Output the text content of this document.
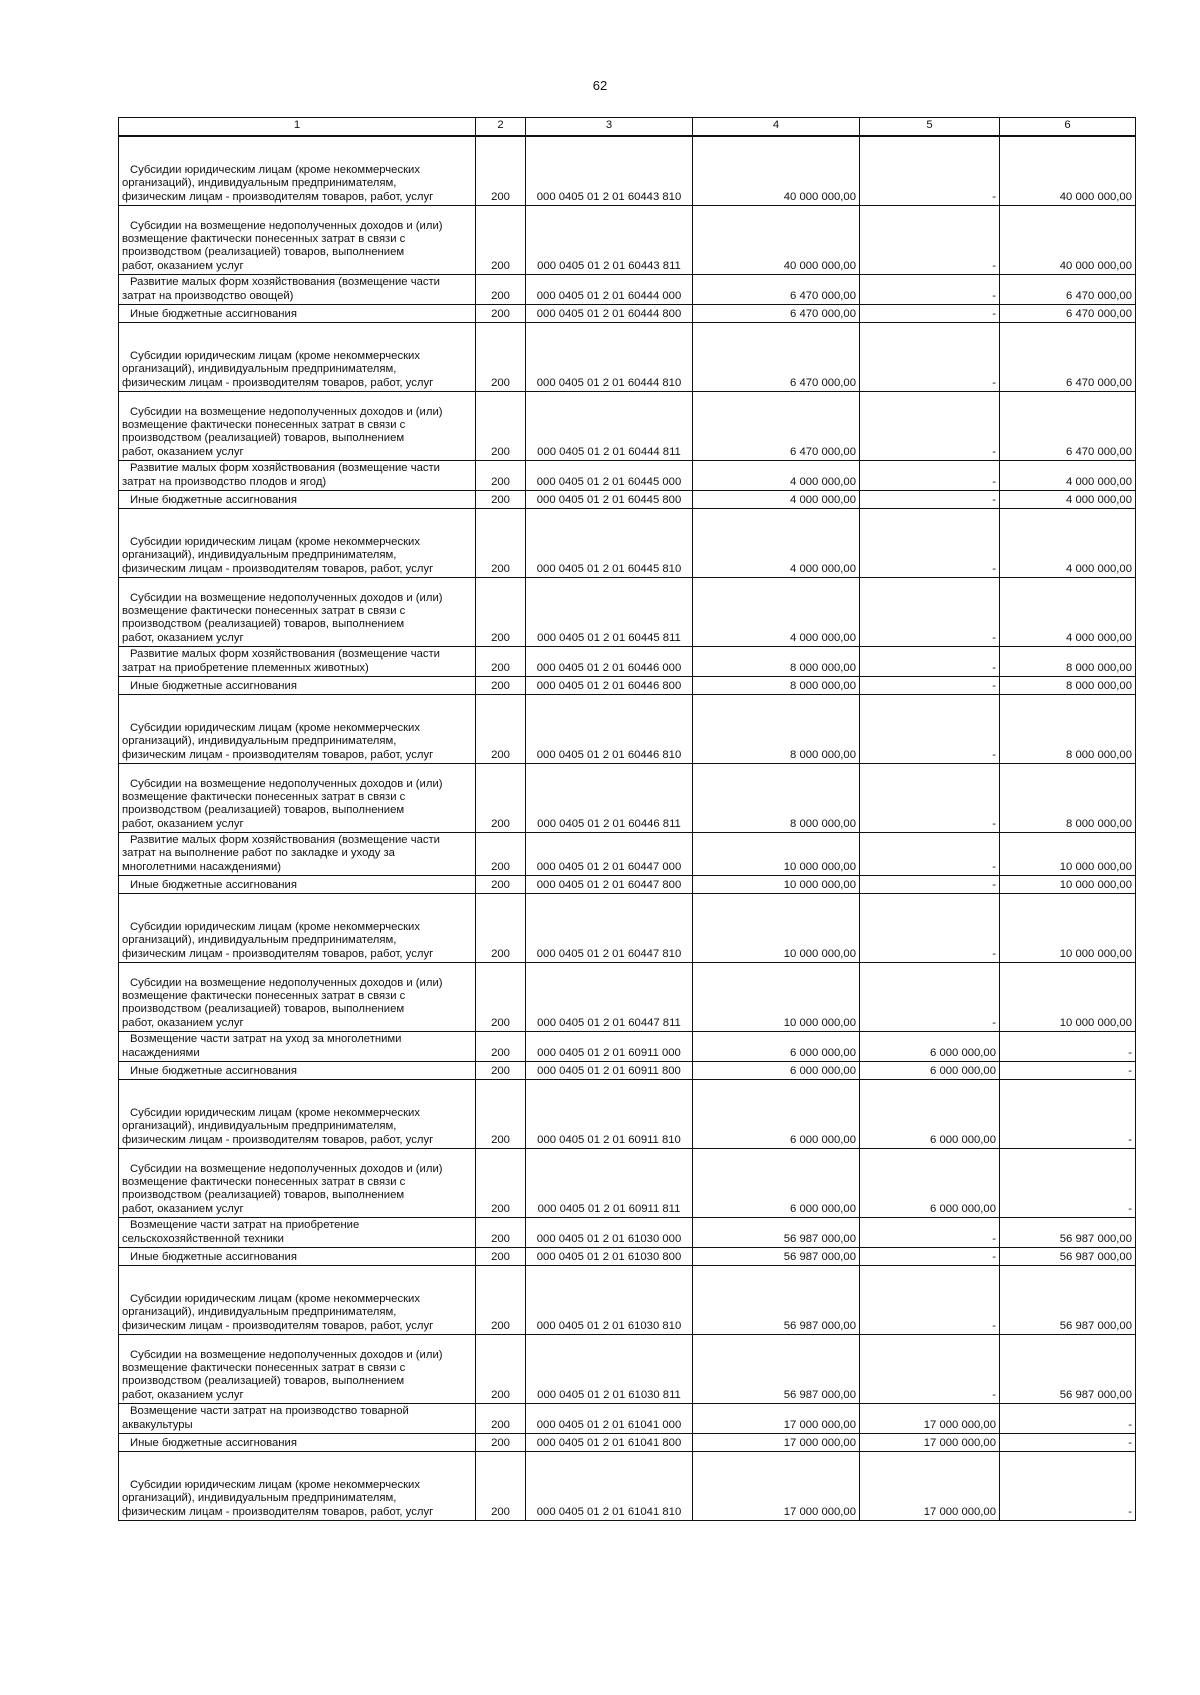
62
1	2	3	4	5	6

Субсидии юридическим лицам (кроме некоммерческих
организаций), индивидуальным предпринимателям,
физическим лицам - производителям товаров, работ, услуг	200	000 0405 01 2 01 60443 810	40 000 000,00	-	40 000 000,00

Субсидии на возмещение недополученных доходов и (или)
возмещение фактически понесенных затрат в связи с
производством (реализацией) товаров, выполнением
работ, оказанием услуг	200	000 0405 01 2 01 60443 811	40 000 000,00	-	40 000 000,00

Развитие малых форм хозяйствования (возмещение части
затрат на производство овощей)	200	000 0405 01 2 01 60444 000	6 470 000,00	-	6 470 000,00

Иные бюджетные ассигнования	200	000 0405 01 2 01 60444 800	6 470 000,00	-	6 470 000,00

Субсидии юридическим лицам (кроме некоммерческих
организаций), индивидуальным предпринимателям,
физическим лицам - производителям товаров, работ, услуг	200	000 0405 01 2 01 60444 810	6 470 000,00	-	6 470 000,00

Субсидии на возмещение недополученных доходов и (или)
возмещение фактически понесенных затрат в связи с
производством (реализацией) товаров, выполнением
работ, оказанием услуг	200	000 0405 01 2 01 60444 811	6 470 000,00	-	6 470 000,00

Развитие малых форм хозяйствования (возмещение части
затрат на производство плодов и ягод)	200	000 0405 01 2 01 60445 000	4 000 000,00	-	4 000 000,00

Иные бюджетные ассигнования	200	000 0405 01 2 01 60445 800	4 000 000,00	-	4 000 000,00

Субсидии юридическим лицам (кроме некоммерческих
организаций), индивидуальным предпринимателям,
физическим лицам - производителям товаров, работ, услуг	200	000 0405 01 2 01 60445 810	4 000 000,00	-	4 000 000,00

Субсидии на возмещение недополученных доходов и (или)
возмещение фактически понесенных затрат в связи с
производством (реализацией) товаров, выполнением
работ, оказанием услуг	200	000 0405 01 2 01 60445 811	4 000 000,00	-	4 000 000,00

Развитие малых форм хозяйствования (возмещение части
затрат на приобретение племенных животных)	200	000 0405 01 2 01 60446 000	8 000 000,00	-	8 000 000,00

Иные бюджетные ассигнования	200	000 0405 01 2 01 60446 800	8 000 000,00	-	8 000 000,00

Субсидии юридическим лицам (кроме некоммерческих
организаций), индивидуальным предпринимателям,
физическим лицам - производителям товаров, работ, услуг	200	000 0405 01 2 01 60446 810	8 000 000,00	-	8 000 000,00

Субсидии на возмещение недополученных доходов и (или)
возмещение фактически понесенных затрат в связи с
производством (реализацией) товаров, выполнением
работ, оказанием услуг	200	000 0405 01 2 01 60446 811	8 000 000,00	-	8 000 000,00

Развитие малых форм хозяйствования (возмещение части
затрат на выполнение работ по закладке и уходу за
многолетними насаждениями)	200	000 0405 01 2 01 60447 000	10 000 000,00	-	10 000 000,00

Иные бюджетные ассигнования	200	000 0405 01 2 01 60447 800	10 000 000,00	-	10 000 000,00

Субсидии юридическим лицам (кроме некоммерческих
организаций), индивидуальным предпринимателям,
физическим лицам - производителям товаров, работ, услуг	200	000 0405 01 2 01 60447 810	10 000 000,00	-	10 000 000,00

Субсидии на возмещение недополученных доходов и (или)
возмещение фактически понесенных затрат в связи с
производством (реализацией) товаров, выполнением
работ, оказанием услуг	200	000 0405 01 2 01 60447 811	10 000 000,00	-	10 000 000,00

Возмещение части затрат на уход за многолетними
насаждениями	200	000 0405 01 2 01 60911 000	6 000 000,00	6 000 000,00	-

Иные бюджетные ассигнования	200	000 0405 01 2 01 60911 800	6 000 000,00	6 000 000,00	-

Субсидии юридическим лицам (кроме некоммерческих
организаций), индивидуальным предпринимателям,
физическим лицам - производителям товаров, работ, услуг	200	000 0405 01 2 01 60911 810	6 000 000,00	6 000 000,00	-

Субсидии на возмещение недополученных доходов и (или)
возмещение фактически понесенных затрат в связи с
производством (реализацией) товаров, выполнением
работ, оказанием услуг	200	000 0405 01 2 01 60911 811	6 000 000,00	6 000 000,00	-

Возмещение части затрат на приобретение
сельскохозяйственной техники	200	000 0405 01 2 01 61030 000	56 987 000,00	-	56 987 000,00

Иные бюджетные ассигнования	200	000 0405 01 2 01 61030 800	56 987 000,00	-	56 987 000,00

Субсидии юридическим лицам (кроме некоммерческих
организаций), индивидуальным предпринимателям,
физическим лицам - производителям товаров, работ, услуг	200	000 0405 01 2 01 61030 810	56 987 000,00	-	56 987 000,00

Субсидии на возмещение недополученных доходов и (или)
возмещение фактически понесенных затрат в связи с
производством (реализацией) товаров, выполнением
работ, оказанием услуг	200	000 0405 01 2 01 61030 811	56 987 000,00	-	56 987 000,00

Возмещение части затрат на производство товарной
аквакультуры	200	000 0405 01 2 01 61041 000	17 000 000,00	17 000 000,00	-

Иные бюджетные ассигнования	200	000 0405 01 2 01 61041 800	17 000 000,00	17 000 000,00	-

Субсидии юридическим лицам (кроме некоммерческих
организаций), индивидуальным предпринимателям,
физическим лицам - производителям товаров, работ, услуг	200	000 0405 01 2 01 61041 810	17 000 000,00	17 000 000,00	-
